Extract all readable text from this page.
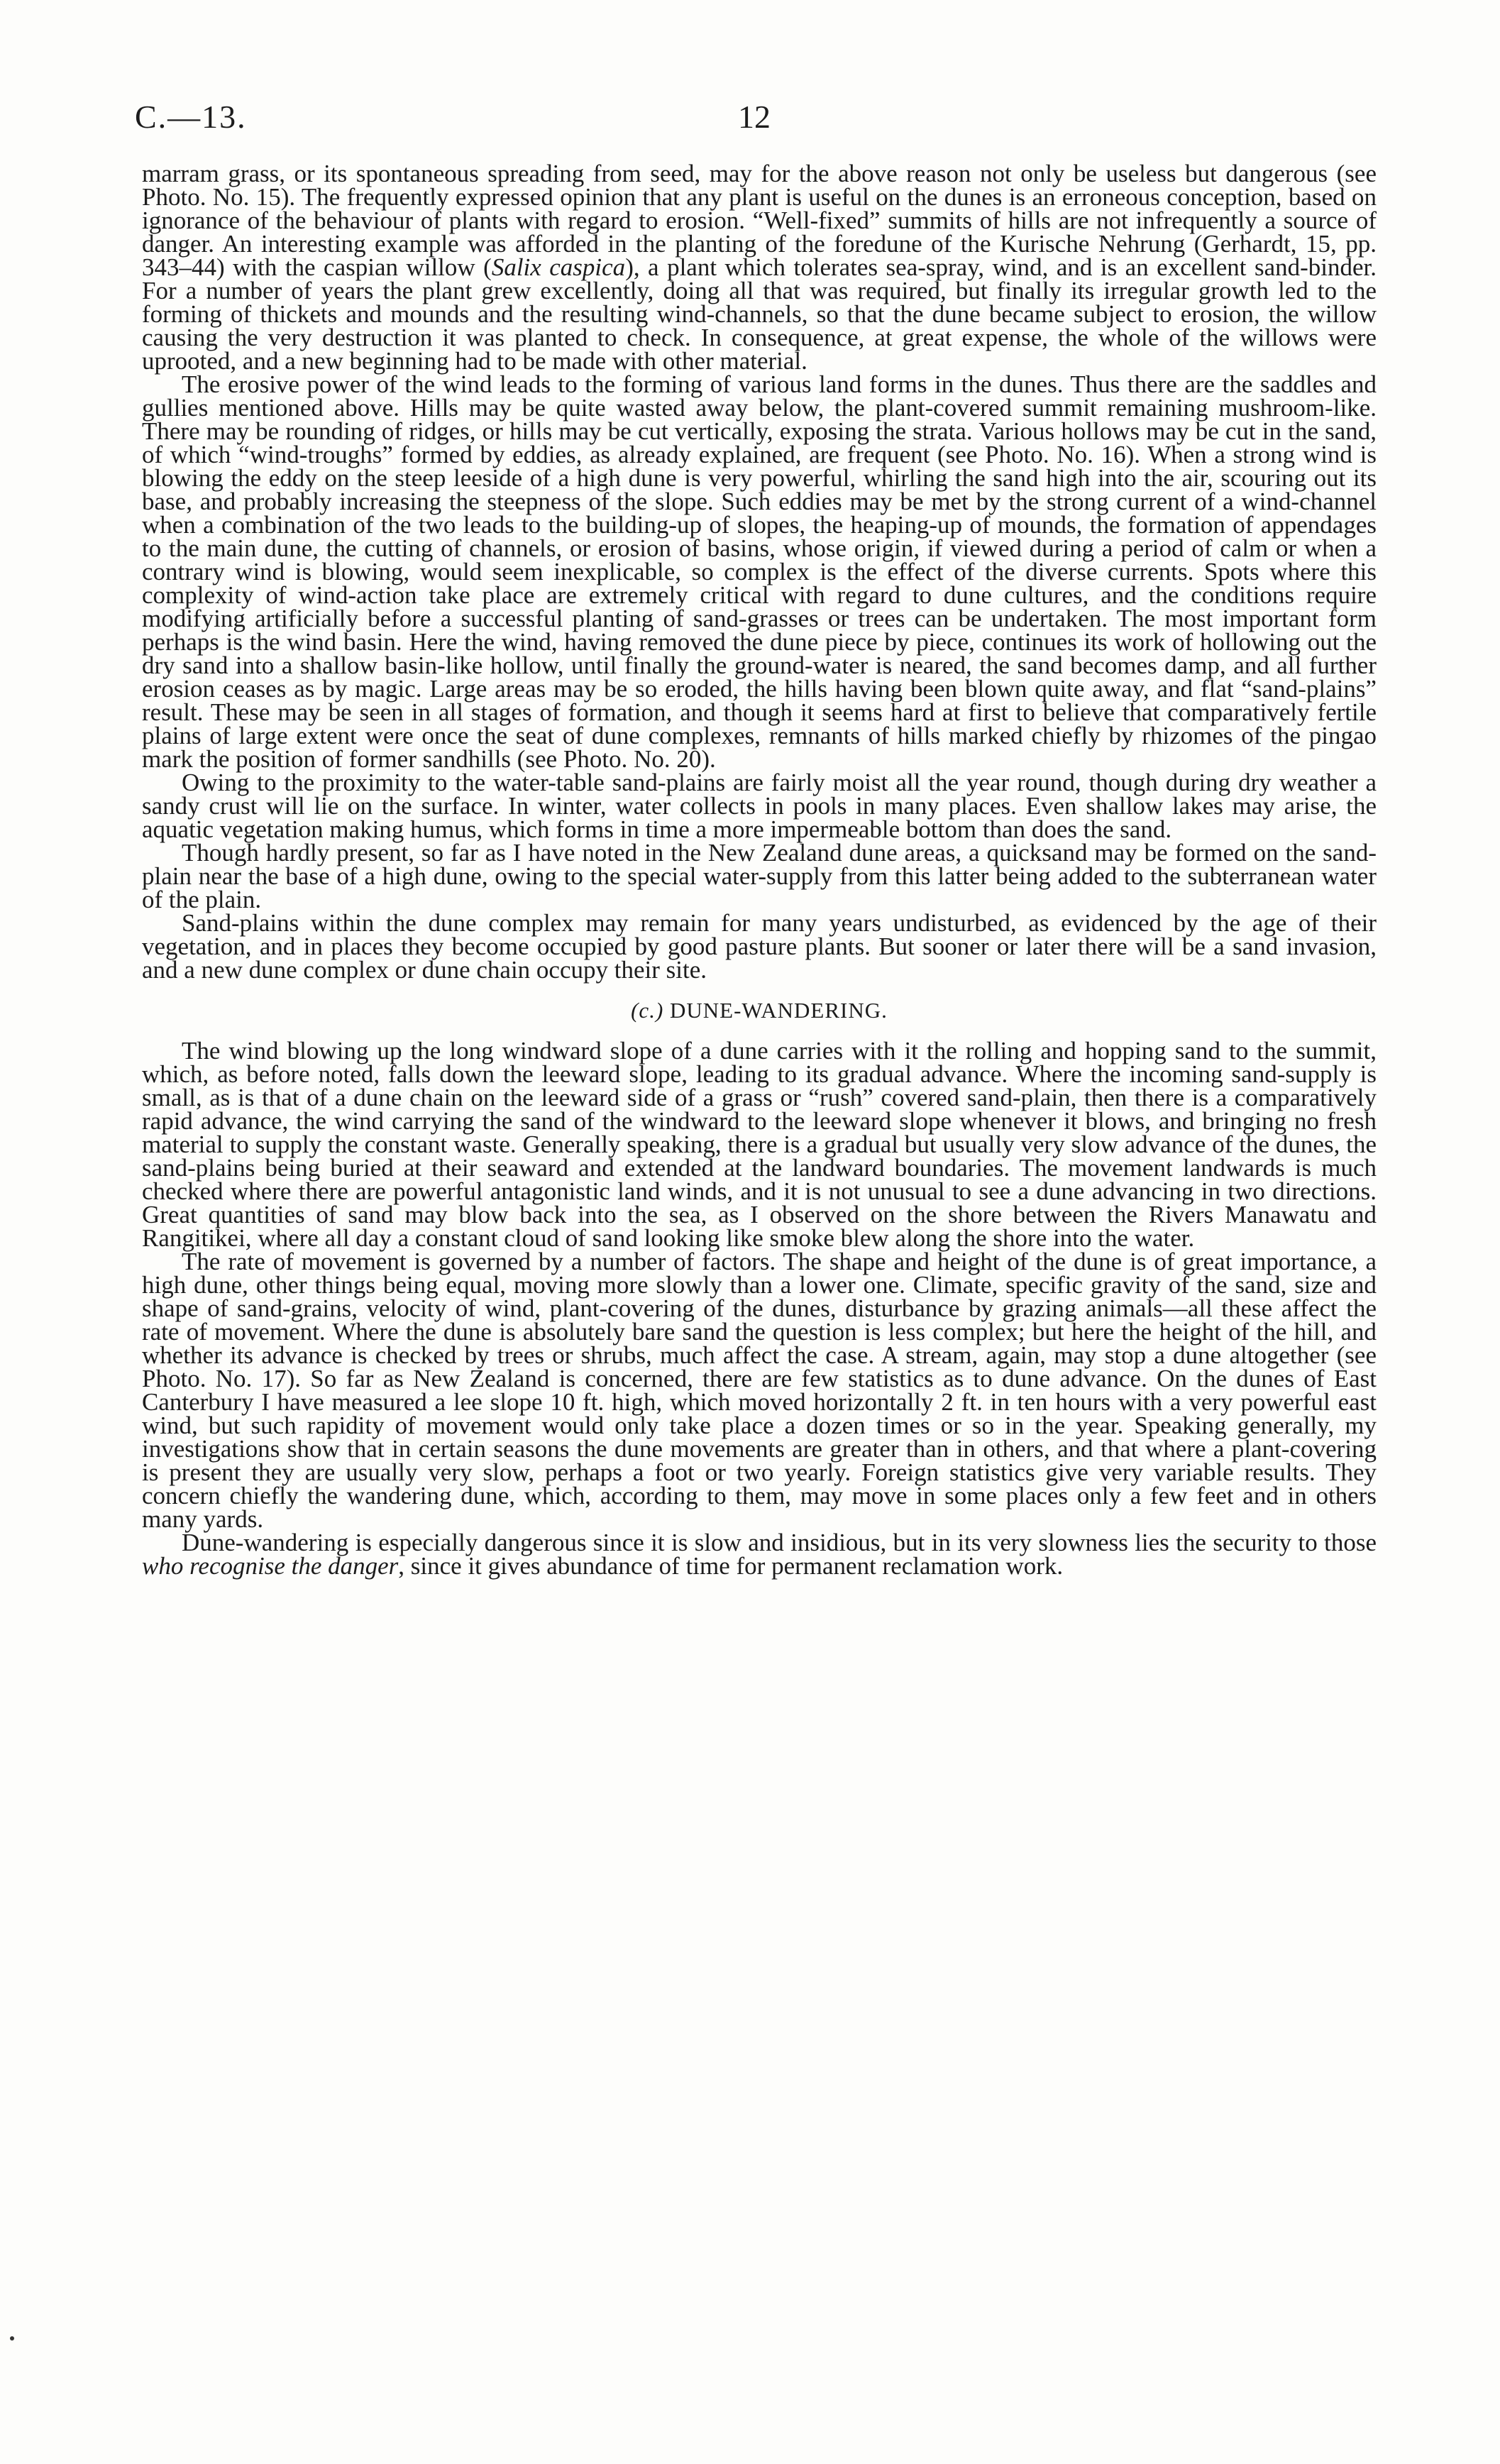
C.—13.	12

marram grass, or its spontaneous spreading from seed, may for the above reason not only be useless but dangerous (see Photo. No. 15). The frequently expressed opinion that any plant is useful on the dunes is an erroneous conception, based on ignorance of the behaviour of plants with regard to erosion. “Well-fixed” summits of hills are not infrequently a source of danger. An interesting example was afforded in the planting of the foredune of the Kurische Nehrung (Gerhardt, 15, pp. 343–44) with the caspian willow (Salix caspica), a plant which tolerates sea-spray, wind, and is an excellent sand-binder. For a number of years the plant grew excellently, doing all that was required, but finally its irregular growth led to the forming of thickets and mounds and the resulting wind-channels, so that the dune became subject to erosion, the willow causing the very destruction it was planted to check. In consequence, at great expense, the whole of the willows were uprooted, and a new beginning had to be made with other material.

The erosive power of the wind leads to the forming of various land forms in the dunes. Thus there are the saddles and gullies mentioned above. Hills may be quite wasted away below, the plant-covered summit remaining mushroom-like. There may be rounding of ridges, or hills may be cut vertically, exposing the strata. Various hollows may be cut in the sand, of which “wind-troughs” formed by eddies, as already explained, are frequent (see Photo. No. 16). When a strong wind is blowing the eddy on the steep leeside of a high dune is very powerful, whirling the sand high into the air, scouring out its base, and probably increasing the steepness of the slope. Such eddies may be met by the strong current of a wind-channel when a combination of the two leads to the building-up of slopes, the heaping-up of mounds, the formation of appendages to the main dune, the cutting of channels, or erosion of basins, whose origin, if viewed during a period of calm or when a contrary wind is blowing, would seem inexplicable, so complex is the effect of the diverse currents. Spots where this complexity of wind-action take place are extremely critical with regard to dune cultures, and the conditions require modifying artificially before a successful planting of sand-grasses or trees can be undertaken. The most important form perhaps is the wind basin. Here the wind, having removed the dune piece by piece, continues its work of hollowing out the dry sand into a shallow basin-like hollow, until finally the ground-water is neared, the sand becomes damp, and all further erosion ceases as by magic. Large areas may be so eroded, the hills having been blown quite away, and flat “sand-plains” result. These may be seen in all stages of formation, and though it seems hard at first to believe that comparatively fertile plains of large extent were once the seat of dune complexes, remnants of hills marked chiefly by rhizomes of the pingao mark the position of former sandhills (see Photo. No. 20).

Owing to the proximity to the water-table sand-plains are fairly moist all the year round, though during dry weather a sandy crust will lie on the surface. In winter, water collects in pools in many places. Even shallow lakes may arise, the aquatic vegetation making humus, which forms in time a more impermeable bottom than does the sand.

Though hardly present, so far as I have noted in the New Zealand dune areas, a quicksand may be formed on the sand-plain near the base of a high dune, owing to the special water-supply from this latter being added to the subterranean water of the plain.

Sand-plains within the dune complex may remain for many years undisturbed, as evidenced by the age of their vegetation, and in places they become occupied by good pasture plants. But sooner or later there will be a sand invasion, and a new dune complex or dune chain occupy their site.

(c.) DUNE-WANDERING.

The wind blowing up the long windward slope of a dune carries with it the rolling and hopping sand to the summit, which, as before noted, falls down the leeward slope, leading to its gradual advance. Where the incoming sand-supply is small, as is that of a dune chain on the leeward side of a grass or “rush” covered sand-plain, then there is a comparatively rapid advance, the wind carrying the sand of the windward to the leeward slope whenever it blows, and bringing no fresh material to supply the constant waste. Generally speaking, there is a gradual but usually very slow advance of the dunes, the sand-plains being buried at their seaward and extended at the landward boundaries. The movement landwards is much checked where there are powerful antagonistic land winds, and it is not unusual to see a dune advancing in two directions. Great quantities of sand may blow back into the sea, as I observed on the shore between the Rivers Manawatu and Rangitikei, where all day a constant cloud of sand looking like smoke blew along the shore into the water.

The rate of movement is governed by a number of factors. The shape and height of the dune is of great importance, a high dune, other things being equal, moving more slowly than a lower one. Climate, specific gravity of the sand, size and shape of sand-grains, velocity of wind, plant-covering of the dunes, disturbance by grazing animals—all these affect the rate of movement. Where the dune is absolutely bare sand the question is less complex; but here the height of the hill, and whether its advance is checked by trees or shrubs, much affect the case. A stream, again, may stop a dune altogether (see Photo. No. 17). So far as New Zealand is concerned, there are few statistics as to dune advance. On the dunes of East Canterbury I have measured a lee slope 10 ft. high, which moved horizontally 2 ft. in ten hours with a very powerful east wind, but such rapidity of movement would only take place a dozen times or so in the year. Speaking generally, my investigations show that in certain seasons the dune movements are greater than in others, and that where a plant-covering is present they are usually very slow, perhaps a foot or two yearly. Foreign statistics give very variable results. They concern chiefly the wandering dune, which, according to them, may move in some places only a few feet and in others many yards.

Dune-wandering is especially dangerous since it is slow and insidious, but in its very slowness lies the security to those who recognise the danger, since it gives abundance of time for permanent reclamation work.
